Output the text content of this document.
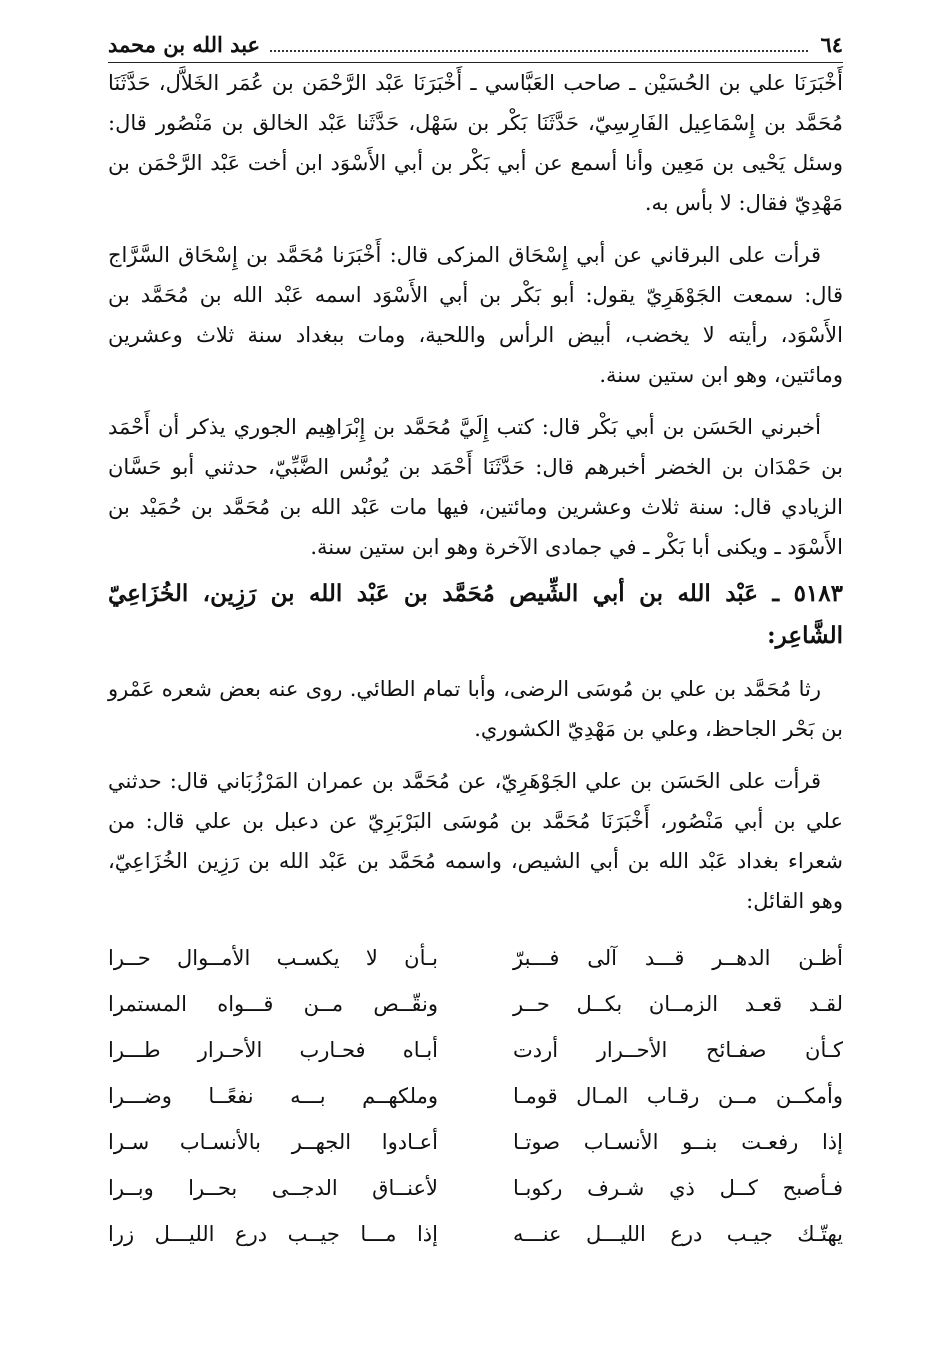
٦٤
عبد الله بن محمد

أَخْبَرَنَا علي بن الحُسَيْن ـ صاحب العَبَّاسي ـ أَخْبَرَنَا عَبْد الرَّحْمَن بن عُمَر الخَلاَّل، حَدَّثَنَا مُحَمَّد بن إِسْمَاعِيل الفَارِسِيّ، حَدَّثَنَا بَكْر بن سَهْل، حَدَّثَنا عَبْد الخالق بن مَنْصُور قال: وسئل يَحْيى بن مَعِين وأنا أسمع عن أبي بَكْر بن أبي الأَسْوَد ابن أخت عَبْد الرَّحْمَن بن مَهْدِيّ فقال: لا بأس به.

قرأت على البرقاني عن أبي إِسْحَاق المزكى قال: أَخْبَرَنا مُحَمَّد بن إِسْحَاق السَّرَّاج قال: سمعت الجَوْهَرِيّ يقول: أبو بَكْر بن أبي الأَسْوَد اسمه عَبْد الله بن مُحَمَّد بن الأَسْوَد، رأيته لا يخضب، أبيض الرأس واللحية، ومات ببغداد سنة ثلاث وعشرين ومائتين، وهو ابن ستين سنة.

أخبرني الحَسَن بن أبي بَكْر قال: كتب إِلَيَّ مُحَمَّد بن إِبْرَاهِيم الجوري يذكر أن أَحْمَد بن حَمْدَان بن الخضر أخبرهم قال: حَدَّثَنَا أَحْمَد بن يُونُس الضَّبِّيّ، حدثني أبو حَسَّان الزيادي قال: سنة ثلاث وعشرين ومائتين، فيها مات عَبْد الله بن مُحَمَّد بن حُمَيْد بن الأَسْوَد ـ ويكنى أبا بَكْر ـ في جمادى الآخرة وهو ابن ستين سنة.

٥١٨٣ ـ عَبْد الله بن أبي الشِّيص مُحَمَّد بن عَبْد الله بن رَزِين، الخُزَاعِيّ الشَّاعِر:

رثا مُحَمَّد بن علي بن مُوسَى الرضى، وأبا تمام الطائي. روى عنه بعض شعره عَمْرو بن بَحْر الجاحظ، وعلي بن مَهْدِيّ الكشوري.

قرأت على الحَسَن بن علي الجَوْهَرِيّ، عن مُحَمَّد بن عمران المَرْزُبَاني قال: حدثني علي بن أبي مَنْصُور، أَخْبَرَنَا مُحَمَّد بن مُوسَى البَرْبَرِيّ عن دعبل بن علي قال: من شعراء بغداد عَبْد الله بن أبي الشيص، واسمه مُحَمَّد بن عَبْد الله بن رَزِين الخُزَاعِيّ، وهو القائل:

أظـن الدهــر قـــد آلى فـــبرّ
بـأن لا يكسـب الأمــوال حــرا
لقـد قعـد الزمــان بكــل حــر
ونقّــص مــن قـــواه المستمرا
كـأن صفـائح الأحــرار أردت
أبـاه فحـارب الأحـرار طـــرا
وأمكــن مــن رقـاب المـال قومـا
وملكهــم بـــه نفعًــا وضـــرا
إذا رفعـت بنــو الأنسـاب صوتـا
أعـادوا الجهــر بالأنسـاب سـرا
فـأصبح كــل ذي شـرف ركوبـا
لأعنــاق الدجــى بحــرا وبــرا
يهتّـك جيـب درع الليـــل عنـــه
إذا مـــا جيــب درع الليـــل زرا
